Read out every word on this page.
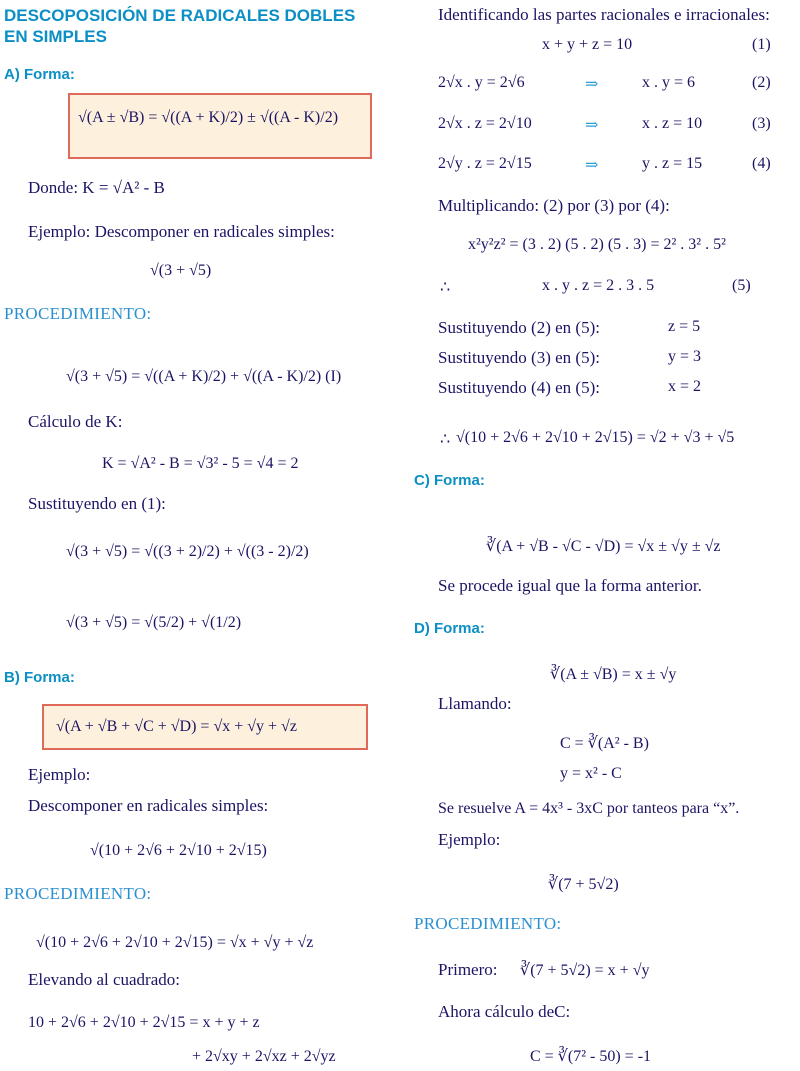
DESCOPOSICIÓN DE RADICALES DOBLES
EN SIMPLES
A) Forma:
√(A ± √B) = √((A + K)/2) ± √((A - K)/2)
Donde: K = √A² - B
Ejemplo: Descomponer en radicales simples:
√(3 + √5)
PROCEDIMIENTO:
√(3 + √5) = √((A + K)/2) + √((A - K)/2) (I)
Cálculo de K:
K = √A² - B = √3² - 5 = √4 = 2
Sustituyendo en (1):
√(3 + √5) = √((3 + 2)/2) + √((3 - 2)/2)
√(3 + √5) = √(5/2) + √(1/2)
B) Forma:
√(A + √B + √C + √D) = √x + √y + √z
Ejemplo:
Descomponer en radicales simples:
√(10 + 2√6 + 2√10 + 2√15)
PROCEDIMIENTO:
√(10 + 2√6 + 2√10 + 2√15) = √x + √y + √z
Elevando al cuadrado:
10 + 2√6 + 2√10 + 2√15 = x + y + z
+ 2√xy + 2√xz + 2√yz
Identificando las partes racionales e irracionales:
x + y + z = 10	(1)
2√x . y = 2√6	⇒	x . y = 6	(2)
2√x . z = 2√10	⇒	x . z = 10	(3)
2√y . z = 2√15	⇒	y . z = 15	(4)
Multiplicando: (2) por (3) por (4):
x²y²z² = (3 . 2) (5 . 2) (5 . 3) = 2² . 3² . 5²
∴	x . y . z = 2 . 3 . 5	(5)
Sustituyendo (2) en (5):	z = 5
Sustituyendo (3) en (5):	y = 3
Sustituyendo (4) en (5):	x = 2
∴ √(10 + 2√6 + 2√10 + 2√15) = √2 + √3 + √5
C) Forma:
∛(A + √B - √C - √D) = √x ± √y ± √z
Se procede igual que la forma anterior.
D) Forma:
∛(A ± √B) = x ± √y
Llamando:
C = ∛(A² - B)
y = x² - C
Se resuelve A = 4x³ - 3xC por tanteos para “x”.
Ejemplo:
∛(7 + 5√2)
PROCEDIMIENTO:
Primero: ∛(7 + 5√2) = x + √y
Ahora cálculo deC:
C = ∛(7² - 50) = -1
